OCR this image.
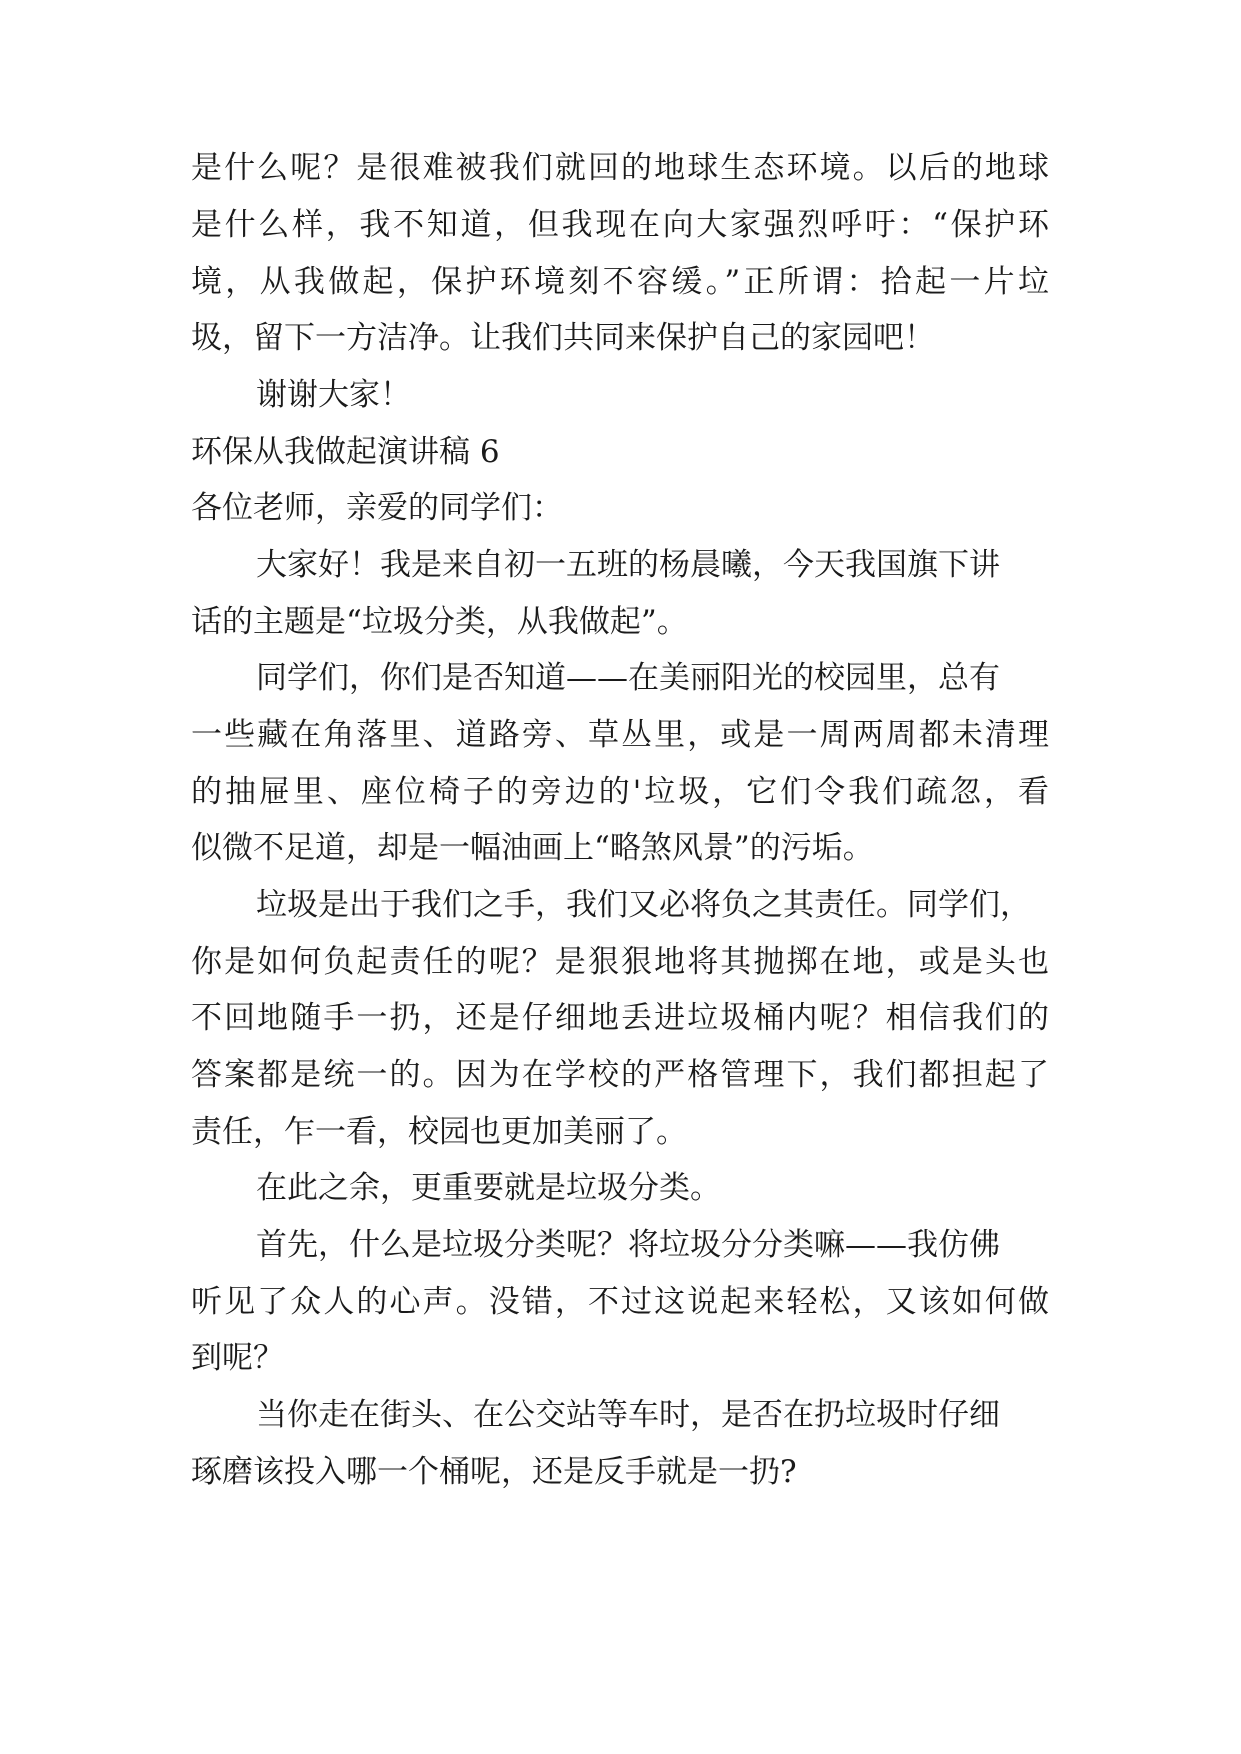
是什么呢？是很难被我们就回的地球生态环境。以后的地球

是什么样，我不知道，但我现在向大家强烈呼吁：“保护环

境，从我做起，保护环境刻不容缓。”正所谓：拾起一片垃

圾，留下一方洁净。让我们共同来保护自己的家园吧！

谢谢大家！

环保从我做起演讲稿 6

各位老师，亲爱的同学们：

大家好！我是来自初一五班的杨晨曦，今天我国旗下讲

话的主题是“垃圾分类，从我做起”。

同学们，你们是否知道——在美丽阳光的校园里，总有

一些藏在角落里、道路旁、草丛里，或是一周两周都未清理

的抽屉里、座位椅子的旁边的'垃圾，它们令我们疏忽，看

似微不足道，却是一幅油画上“略煞风景”的污垢。

垃圾是出于我们之手，我们又必将负之其责任。同学们，

你是如何负起责任的呢？是狠狠地将其抛掷在地，或是头也

不回地随手一扔，还是仔细地丢进垃圾桶内呢？相信我们的

答案都是统一的。因为在学校的严格管理下，我们都担起了

责任，乍一看，校园也更加美丽了。

在此之余，更重要就是垃圾分类。

首先，什么是垃圾分类呢？将垃圾分分类嘛——我仿佛

听见了众人的心声。没错，不过这说起来轻松，又该如何做

到呢？

当你走在街头、在公交站等车时，是否在扔垃圾时仔细

琢磨该投入哪一个桶呢，还是反手就是一扔?
